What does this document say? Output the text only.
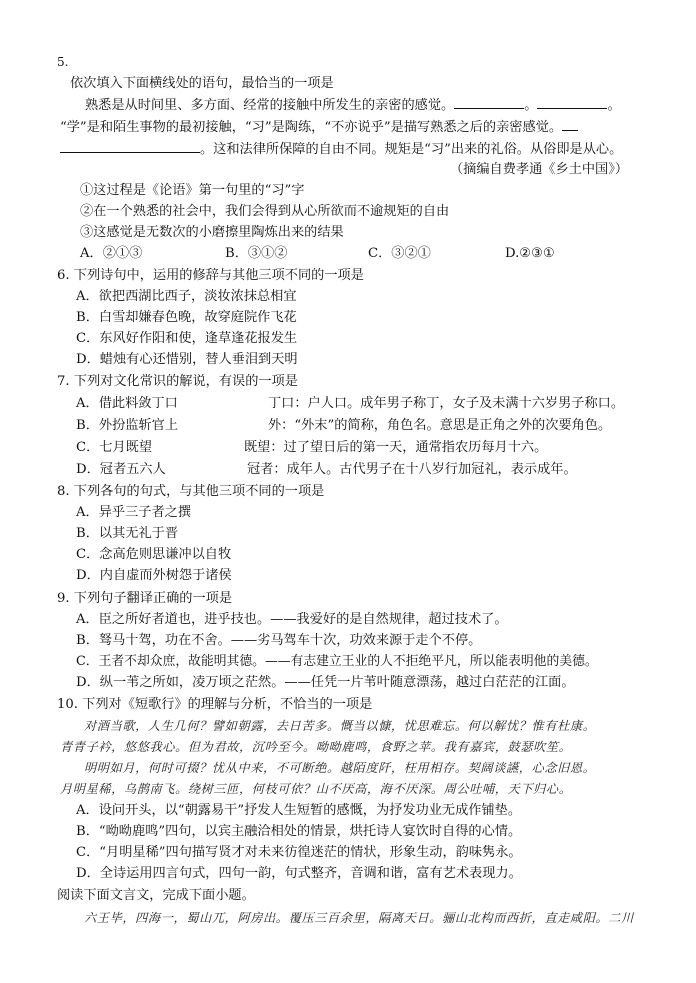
5.
依次填入下面横线处的语句，最恰当的一项是
熟悉是从时间里、多方面、经常的接触中所发生的亲密的感觉。	。	。
“学”是和陌生事物的最初接触，“习”是陶练，“不亦说乎”是描写熟悉之后的亲密感觉。
。这和法律所保障的自由不同。规矩是“习”出来的礼俗。从俗即是从心。
（摘编自费孝通《乡土中国》）
①这过程是《论语》第一句里的“习”字
②在一个熟悉的社会中，我们会得到从心所欲而不逾规矩的自由
③这感觉是无数次的小磨擦里陶炼出来的结果
A．②①③	B．③①②	C．③②①	D.②③①
6. 下列诗句中，运用的修辞与其他三项不同的一项是
A．欲把西湖比西子，淡妆浓抹总相宜
B．白雪却嫌春色晚，故穿庭院作飞花
C．东风好作阳和使，逢草逢花报发生
D．蜡烛有心还惜别，替人垂泪到天明
7. 下列对文化常识的解说，有误的一项是
A．借此料敛丁口	丁口：户人口。成年男子称丁，女子及未满十六岁男子称口。
B．外扮监斩官上	外：“外末”的简称，角色名。意思是正角之外的次要角色。
C．七月既望	既望：过了望日后的第一天，通常指农历每月十六。
D．冠者五六人	冠者：成年人。古代男子在十八岁行加冠礼，表示成年。
8. 下列各句的句式，与其他三项不同的一项是
A．异乎三子者之撰
B．以其无礼于晋
C．念高危则思谦冲以自牧
D．内自虚而外树怨于诸侯
9. 下列句子翻译正确的一项是
A．臣之所好者道也，进乎技也。——我爱好的是自然规律，超过技术了。
B．驽马十驾，功在不舍。——劣马驾车十次，功效来源于走个不停。
C．王者不却众庶，故能明其德。——有志建立王业的人不拒绝平凡，所以能表明他的美德。
D．纵一苇之所如，凌万顷之茫然。——任凭一片苇叶随意漂荡，越过白茫茫的江面。
10. 下列对《短歌行》的理解与分析，不恰当的一项是
对酒当歌，人生几何？譬如朝露，去日苦多。慨当以慷，忧思难忘。何以解忧？惟有杜康。
青青子衿，悠悠我心。但为君故，沉吟至今。呦呦鹿鸣，食野之苹。我有嘉宾，鼓瑟吹笙。
明明如月，何时可掇？忧从中来，不可断绝。越陌度阡，枉用相存。契阔谈讌，心念旧恩。
月明星稀，乌鹊南飞。绕树三匝，何枝可依？山不厌高，海不厌深。周公吐哺，天下归心。
A．设问开头，以“朝露易干”抒发人生短暂的感慨，为抒发功业无成作铺垫。
B．“呦呦鹿鸣”四句，以宾主融洽相处的情景，烘托诗人宴饮时自得的心情。
C．“月明星稀”四句描写贤才对未来彷徨迷茫的情状，形象生动，韵味隽永。
D．全诗运用四言句式，四句一韵，句式整齐，音调和谐，富有艺术表现力。
阅读下面文言文，完成下面小题。
六王毕，四海一，蜀山兀，阿房出。覆压三百余里，隔离天日。骊山北构而西折，直走咸阳。二川
